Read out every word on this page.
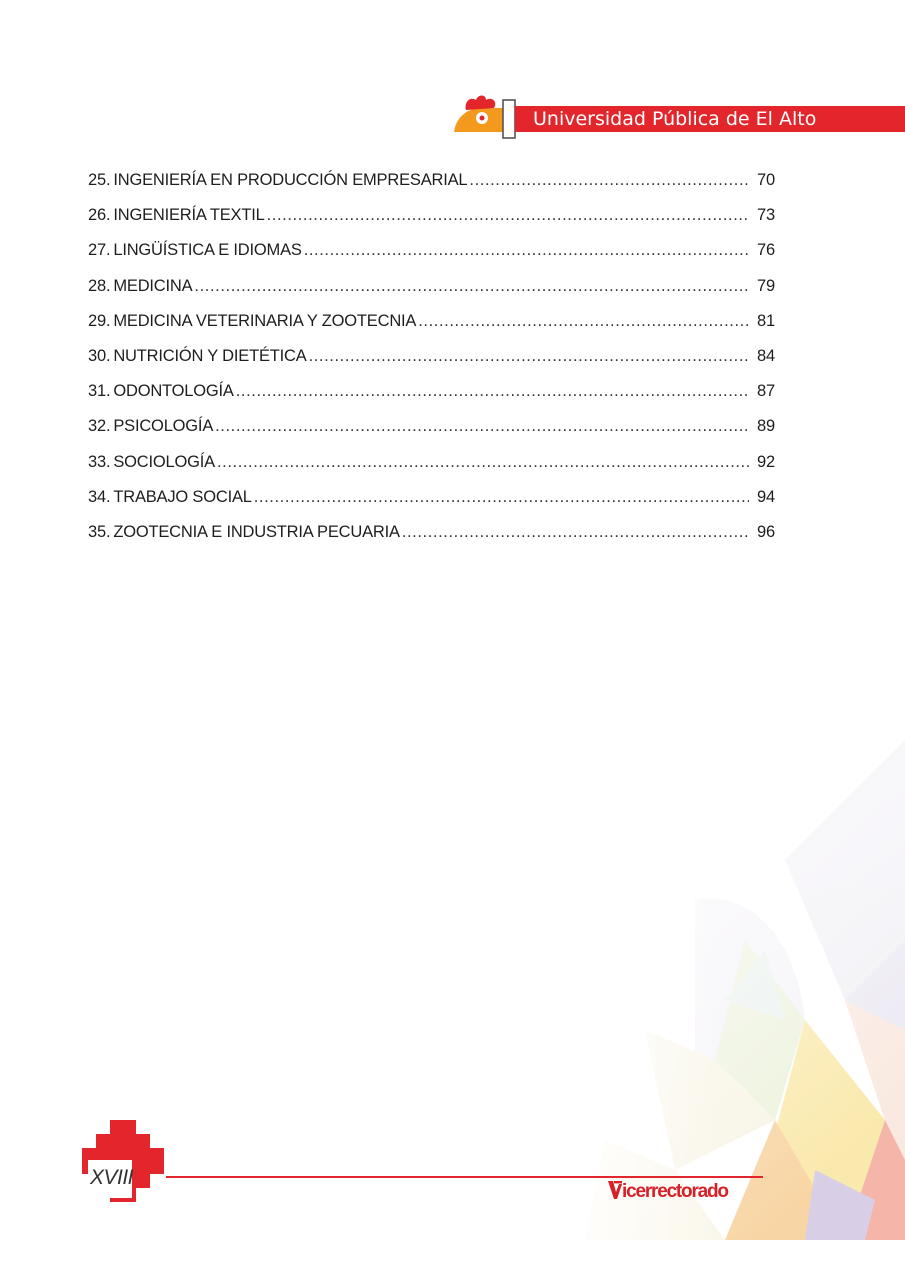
Universidad Pública de El Alto
25. INGENIERÍA EN PRODUCCIÓN EMPRESARIAL .....	70
26. INGENIERÍA TEXTIL .....	73
27. LINGÜÍSTICA E IDIOMAS .....	76
28. MEDICINA .....	79
29. MEDICINA VETERINARIA Y ZOOTECNIA .....	81
30. NUTRICIÓN Y DIETÉTICA .....	84
31. ODONTOLOGÍA .....	87
32. PSICOLOGÍA .....	89
33. SOCIOLOGÍA .....	92
34. TRABAJO SOCIAL .....	94
35. ZOOTECNIA E INDUSTRIA PECUARIA .....	96
XVIII
icerrectorado
